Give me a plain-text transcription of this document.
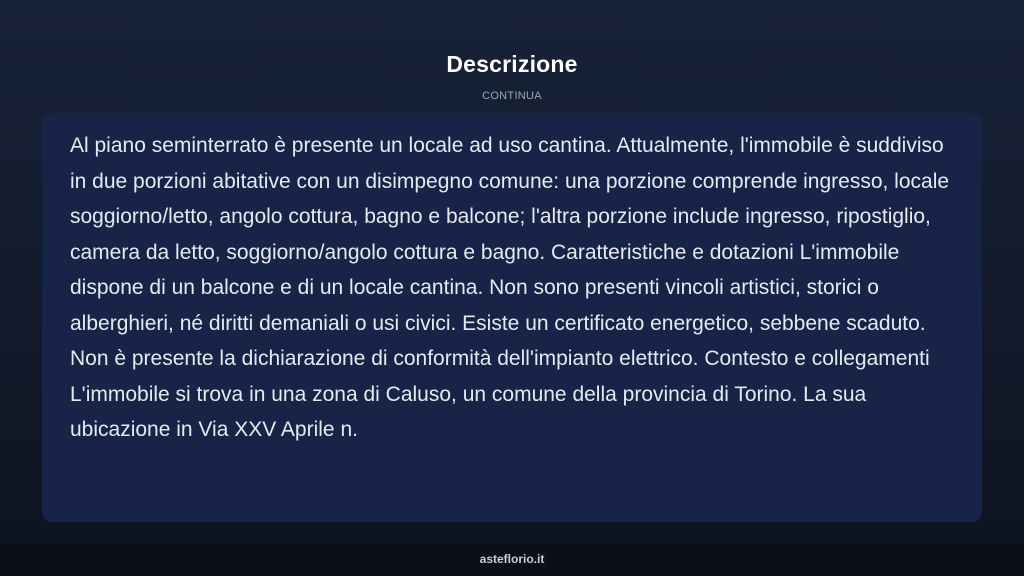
Descrizione
CONTINUA

Al piano seminterrato è presente un locale ad uso cantina. Attualmente, l'immobile è suddiviso in due porzioni abitative con un disimpegno comune: una porzione comprende ingresso, locale soggiorno/letto, angolo cottura, bagno e balcone; l'altra porzione include ingresso, ripostiglio, camera da letto, soggiorno/angolo cottura e bagno. Caratteristiche e dotazioni L'immobile dispone di un balcone e di un locale cantina. Non sono presenti vincoli artistici, storici o alberghieri, né diritti demaniali o usi civici. Esiste un certificato energetico, sebbene scaduto. Non è presente la dichiarazione di conformità dell'impianto elettrico. Contesto e collegamenti L'immobile si trova in una zona di Caluso, un comune della provincia di Torino. La sua ubicazione in Via XXV Aprile n.

asteflorio.it
